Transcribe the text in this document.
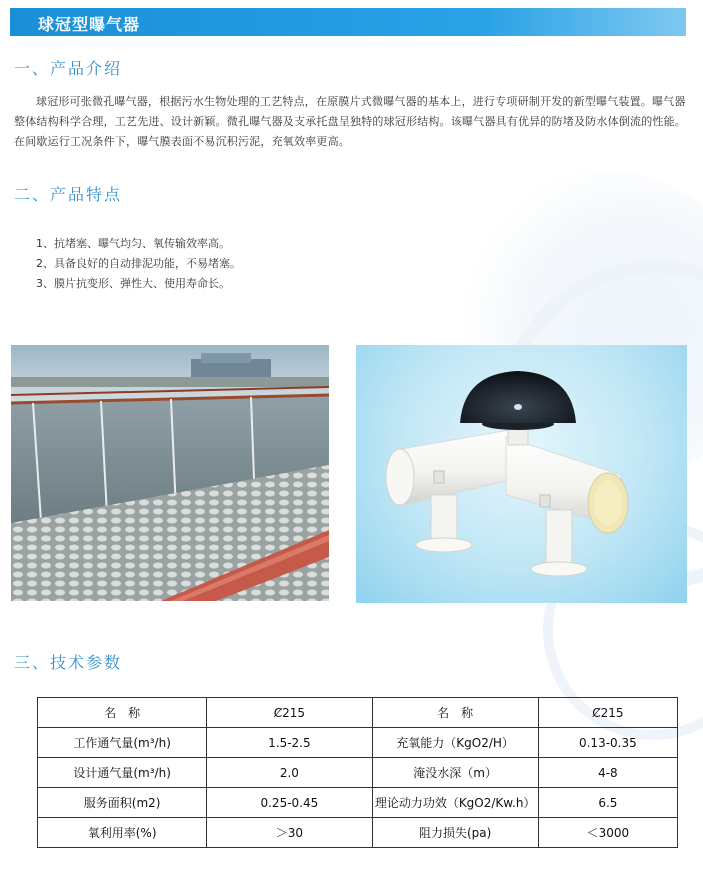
球冠型曝气器
一、产品介绍
球冠形可张微孔曝气器，根据污水生物处理的工艺特点，在原膜片式微曝气器的基本上，进行专项研制开发的新型曝气装置。曝气器整体结构科学合理，工艺先进、设计新颖。微孔曝气器及支承托盘呈独特的球冠形结构。该曝气器具有优异的防堵及防水体倒流的性能。在间歇运行工况条件下，曝气膜表面不易沉积污泥，充氧效率更高。
二、产品特点
1、抗堵塞、曝气均匀、氧传输效率高。
2、具备良好的自动排泥功能，不易堵塞。
3、膜片抗变形、弹性大、使用寿命长。
三、技术参数
名　称	Ȼ215	名　称	Ȼ215
工作通气量(m³/h)	1.5-2.5	充氧能力（KgO2/H）	0.13-0.35
设计通气量(m³/h)	2.0	淹没水深（m）	4-8
服务面积(m2)	0.25-0.45	理论动力功效（KgO2/Kw.h）	6.5
氧利用率(%)	＞30	阻力损失(pa)	＜3000
